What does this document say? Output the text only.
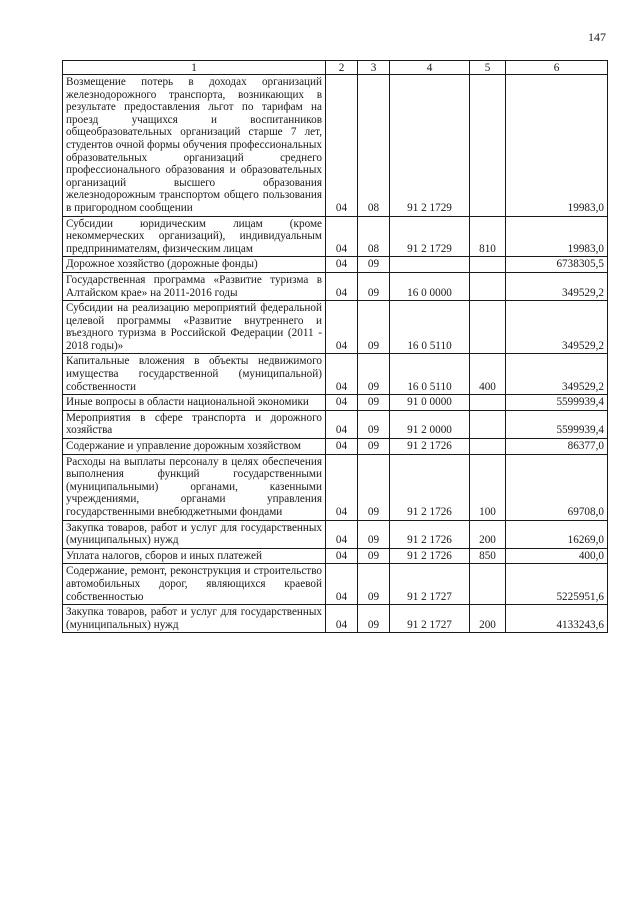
147
1	2	3	4	5	6

Возмещение потерь в доходах организаций железнодорожного транспорта, возникающих в результате предоставления льгот по тарифам на проезд учащихся и воспитанников общеобразовательных организаций старше 7 лет, студентов очной формы обучения профессиональных образовательных организаций среднего профессионального образования и образовательных организаций высшего образования железнодорожным транспортом общего пользования в пригородном сообщении	04	08	91 2 1729		19983,0

Субсидии юридическим лицам (кроме некоммерческих организаций), индивидуальным предпринимателям, физическим лицам	04	08	91 2 1729	810	19983,0

Дорожное хозяйство (дорожные фонды)	04	09			6738305,5

Государственная программа «Развитие туризма в Алтайском крае» на 2011-2016 годы	04	09	16 0 0000		349529,2

Субсидии на реализацию мероприятий федеральной целевой программы «Развитие внутреннего и въездного туризма в Российской Федерации (2011 - 2018 годы)»	04	09	16 0 5110		349529,2

Капитальные вложения в объекты недвижимого имущества государственной (муниципальной) собственности	04	09	16 0 5110	400	349529,2

Иные вопросы в области национальной экономики	04	09	91 0 0000		5599939,4

Мероприятия в сфере транспорта и дорожного хозяйства	04	09	91 2 0000		5599939,4

Содержание и управление дорожным хозяйством	04	09	91 2 1726		86377,0

Расходы на выплаты персоналу в целях обеспечения выполнения функций государственными (муниципальными) органами, казенными учреждениями, органами управления государственными внебюджетными фондами	04	09	91 2 1726	100	69708,0

Закупка товаров, работ и услуг для государственных (муниципальных) нужд	04	09	91 2 1726	200	16269,0

Уплата налогов, сборов и иных платежей	04	09	91 2 1726	850	400,0

Содержание, ремонт, реконструкция и строительство автомобильных дорог, являющихся краевой собственностью	04	09	91 2 1727		5225951,6

Закупка товаров, работ и услуг для государственных (муниципальных) нужд	04	09	91 2 1727	200	4133243,6
